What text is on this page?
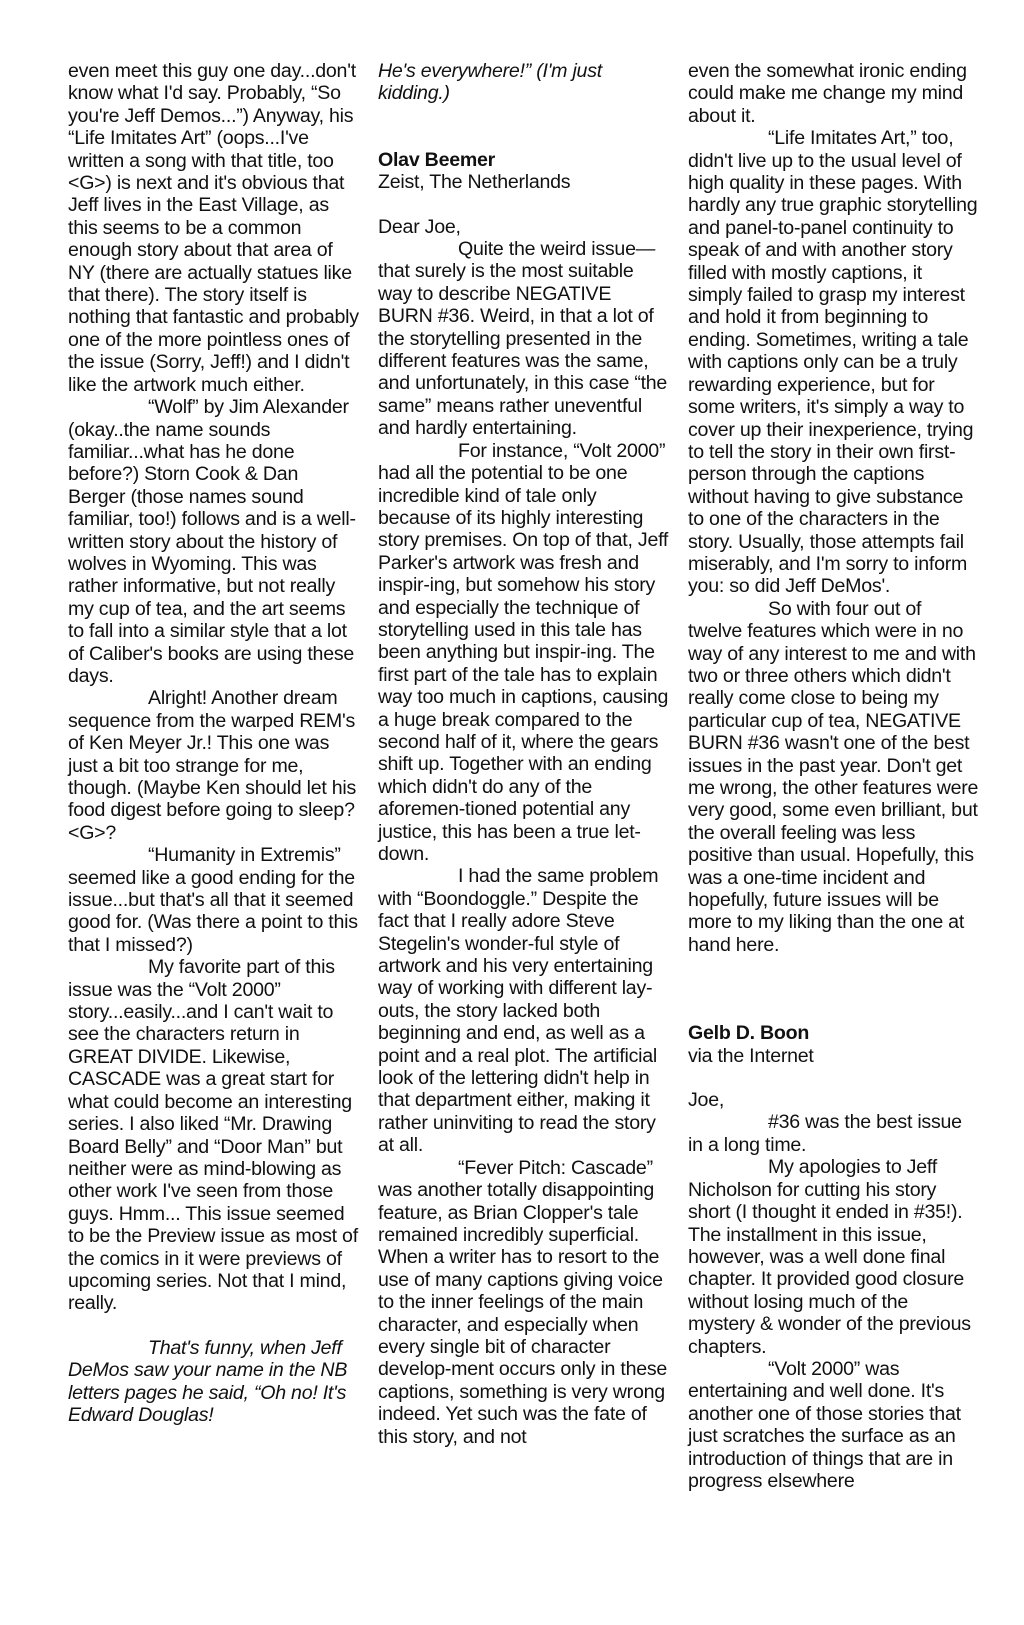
even meet this guy one day...don't know what I'd say. Probably, “So you're Jeff Demos...”) Anyway, his “Life Imitates Art” (oops...I've written a song with that title, too <G>) is next and it's obvious that Jeff lives in the East Village, as this seems to be a common enough story about that area of NY (there are actually statues like that there). The story itself is nothing that fantastic and probably one of the more pointless ones of the issue (Sorry, Jeff!) and I didn't like the artwork much either.

“Wolf” by Jim Alexander (okay..the name sounds familiar...what has he done before?) Storn Cook & Dan Berger (those names sound familiar, too!) follows and is a well-written story about the history of wolves in Wyoming. This was rather informative, but not really my cup of tea, and the art seems to fall into a similar style that a lot of Caliber's books are using these days.

Alright! Another dream sequence from the warped REM's of Ken Meyer Jr.! This one was just a bit too strange for me, though. (Maybe Ken should let his food digest before going to sleep? <G>?

“Humanity in Extremis” seemed like a good ending for the issue...but that's all that it seemed good for. (Was there a point to this that I missed?)

My favorite part of this issue was the “Volt 2000” story...easily...and I can't wait to see the characters return in GREAT DIVIDE. Likewise, CASCADE was a great start for what could become an interesting series. I also liked “Mr. Drawing Board Belly” and “Door Man” but neither were as mind-blowing as other work I've seen from those guys. Hmm... This issue seemed to be the Preview issue as most of the comics in it were previews of upcoming series. Not that I mind, really.

That's funny, when Jeff DeMos saw your name in the NB letters pages he said, “Oh no! It's Edward Douglas!

He's everywhere!” (I'm just kidding.)

Olav Beemer

Zeist, The Netherlands

Dear Joe,

Quite the weird issue— that surely is the most suitable way to describe NEGATIVE BURN #36. Weird, in that a lot of the storytelling presented in the different features was the same, and unfortunately, in this case “the same” means rather uneventful and hardly entertaining.

For instance, “Volt 2000” had all the potential to be one incredible kind of tale only because of its highly interesting story premises. On top of that, Jeff Parker's artwork was fresh and inspir-ing, but somehow his story and especially the technique of storytelling used in this tale has been anything but inspir-ing. The first part of the tale has to explain way too much in captions, causing a huge break compared to the second half of it, where the gears shift up. Together with an ending which didn't do any of the aforemen-tioned potential any justice, this has been a true let-down.

I had the same problem with “Boondoggle.” Despite the fact that I really adore Steve Stegelin's wonder-ful style of artwork and his very entertaining way of working with different lay-outs, the story lacked both beginning and end, as well as a point and a real plot. The artificial look of the lettering didn't help in that department either, making it rather uninviting to read the story at all.

“Fever Pitch: Cascade” was another totally disappointing feature, as Brian Clopper's tale remained incredibly superficial. When a writer has to resort to the use of many captions giving voice to the inner feelings of the main character, and especially when every single bit of character develop-ment occurs only in these captions, something is very wrong indeed. Yet such was the fate of this story, and not

even the somewhat ironic ending could make me change my mind about it.

“Life Imitates Art,” too, didn't live up to the usual level of high quality in these pages. With hardly any true graphic storytelling and panel-to-panel continuity to speak of and with another story filled with mostly captions, it simply failed to grasp my interest and hold it from beginning to ending. Sometimes, writing a tale with captions only can be a truly rewarding experience, but for some writers, it's simply a way to cover up their inexperience, trying to tell the story in their own first-person through the captions without having to give substance to one of the characters in the story. Usually, those attempts fail miserably, and I'm sorry to inform you: so did Jeff DeMos'.

So with four out of twelve features which were in no way of any interest to me and with two or three others which didn't really come close to being my particular cup of tea, NEGATIVE BURN #36 wasn't one of the best issues in the past year. Don't get me wrong, the other features were very good, some even brilliant, but the overall feeling was less positive than usual. Hopefully, this was a one-time incident and hopefully, future issues will be more to my liking than the one at hand here.

Gelb D. Boon

via the Internet

Joe,

#36 was the best issue in a long time.

My apologies to Jeff Nicholson for cutting his story short (I thought it ended in #35!). The installment in this issue, however, was a well done final chapter. It provided good closure without losing much of the mystery & wonder of the previous chapters.

“Volt 2000” was entertaining and well done. It's another one of those stories that just scratches the surface as an introduction of things that are in progress elsewhere
